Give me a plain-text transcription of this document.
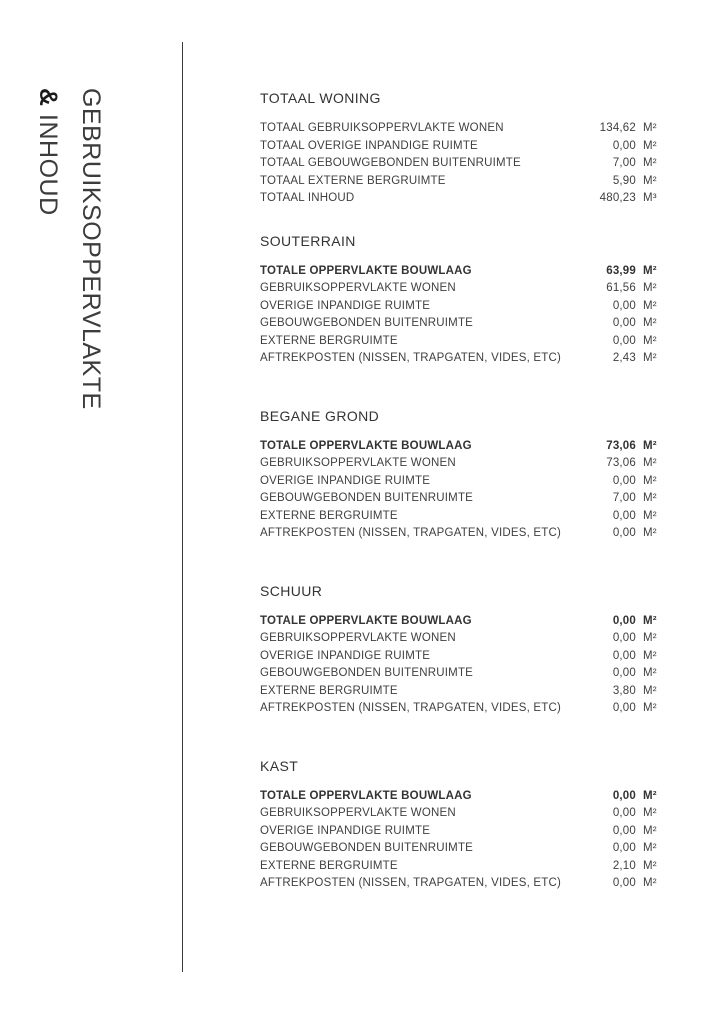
GEBRUIKSOPPERVLAKTE
& INHOUD
TOTAAL WONING
TOTAAL GEBRUIKSOPPERVLAKTE WONEN	134,62 M²
TOTAAL OVERIGE INPANDIGE RUIMTE	0,00 M²
TOTAAL GEBOUWGEBONDEN BUITENRUIMTE	7,00 M²
TOTAAL EXTERNE BERGRUIMTE	5,90 M²
TOTAAL INHOUD	480,23 M³
SOUTERRAIN
TOTALE OPPERVLAKTE BOUWLAAG	63,99 M²
GEBRUIKSOPPERVLAKTE WONEN	61,56 M²
OVERIGE INPANDIGE RUIMTE	0,00 M²
GEBOUWGEBONDEN BUITENRUIMTE	0,00 M²
EXTERNE BERGRUIMTE	0,00 M²
AFTREKPOSTEN (NISSEN, TRAPGATEN, VIDES, ETC)	2,43 M²
BEGANE GROND
TOTALE OPPERVLAKTE BOUWLAAG	73,06 M²
GEBRUIKSOPPERVLAKTE WONEN	73,06 M²
OVERIGE INPANDIGE RUIMTE	0,00 M²
GEBOUWGEBONDEN BUITENRUIMTE	7,00 M²
EXTERNE BERGRUIMTE	0,00 M²
AFTREKPOSTEN (NISSEN, TRAPGATEN, VIDES, ETC)	0,00 M²
SCHUUR
TOTALE OPPERVLAKTE BOUWLAAG	0,00 M²
GEBRUIKSOPPERVLAKTE WONEN	0,00 M²
OVERIGE INPANDIGE RUIMTE	0,00 M²
GEBOUWGEBONDEN BUITENRUIMTE	0,00 M²
EXTERNE BERGRUIMTE	3,80 M²
AFTREKPOSTEN (NISSEN, TRAPGATEN, VIDES, ETC)	0,00 M²
KAST
TOTALE OPPERVLAKTE BOUWLAAG	0,00 M²
GEBRUIKSOPPERVLAKTE WONEN	0,00 M²
OVERIGE INPANDIGE RUIMTE	0,00 M²
GEBOUWGEBONDEN BUITENRUIMTE	0,00 M²
EXTERNE BERGRUIMTE	2,10 M²
AFTREKPOSTEN (NISSEN, TRAPGATEN, VIDES, ETC)	0,00 M²
